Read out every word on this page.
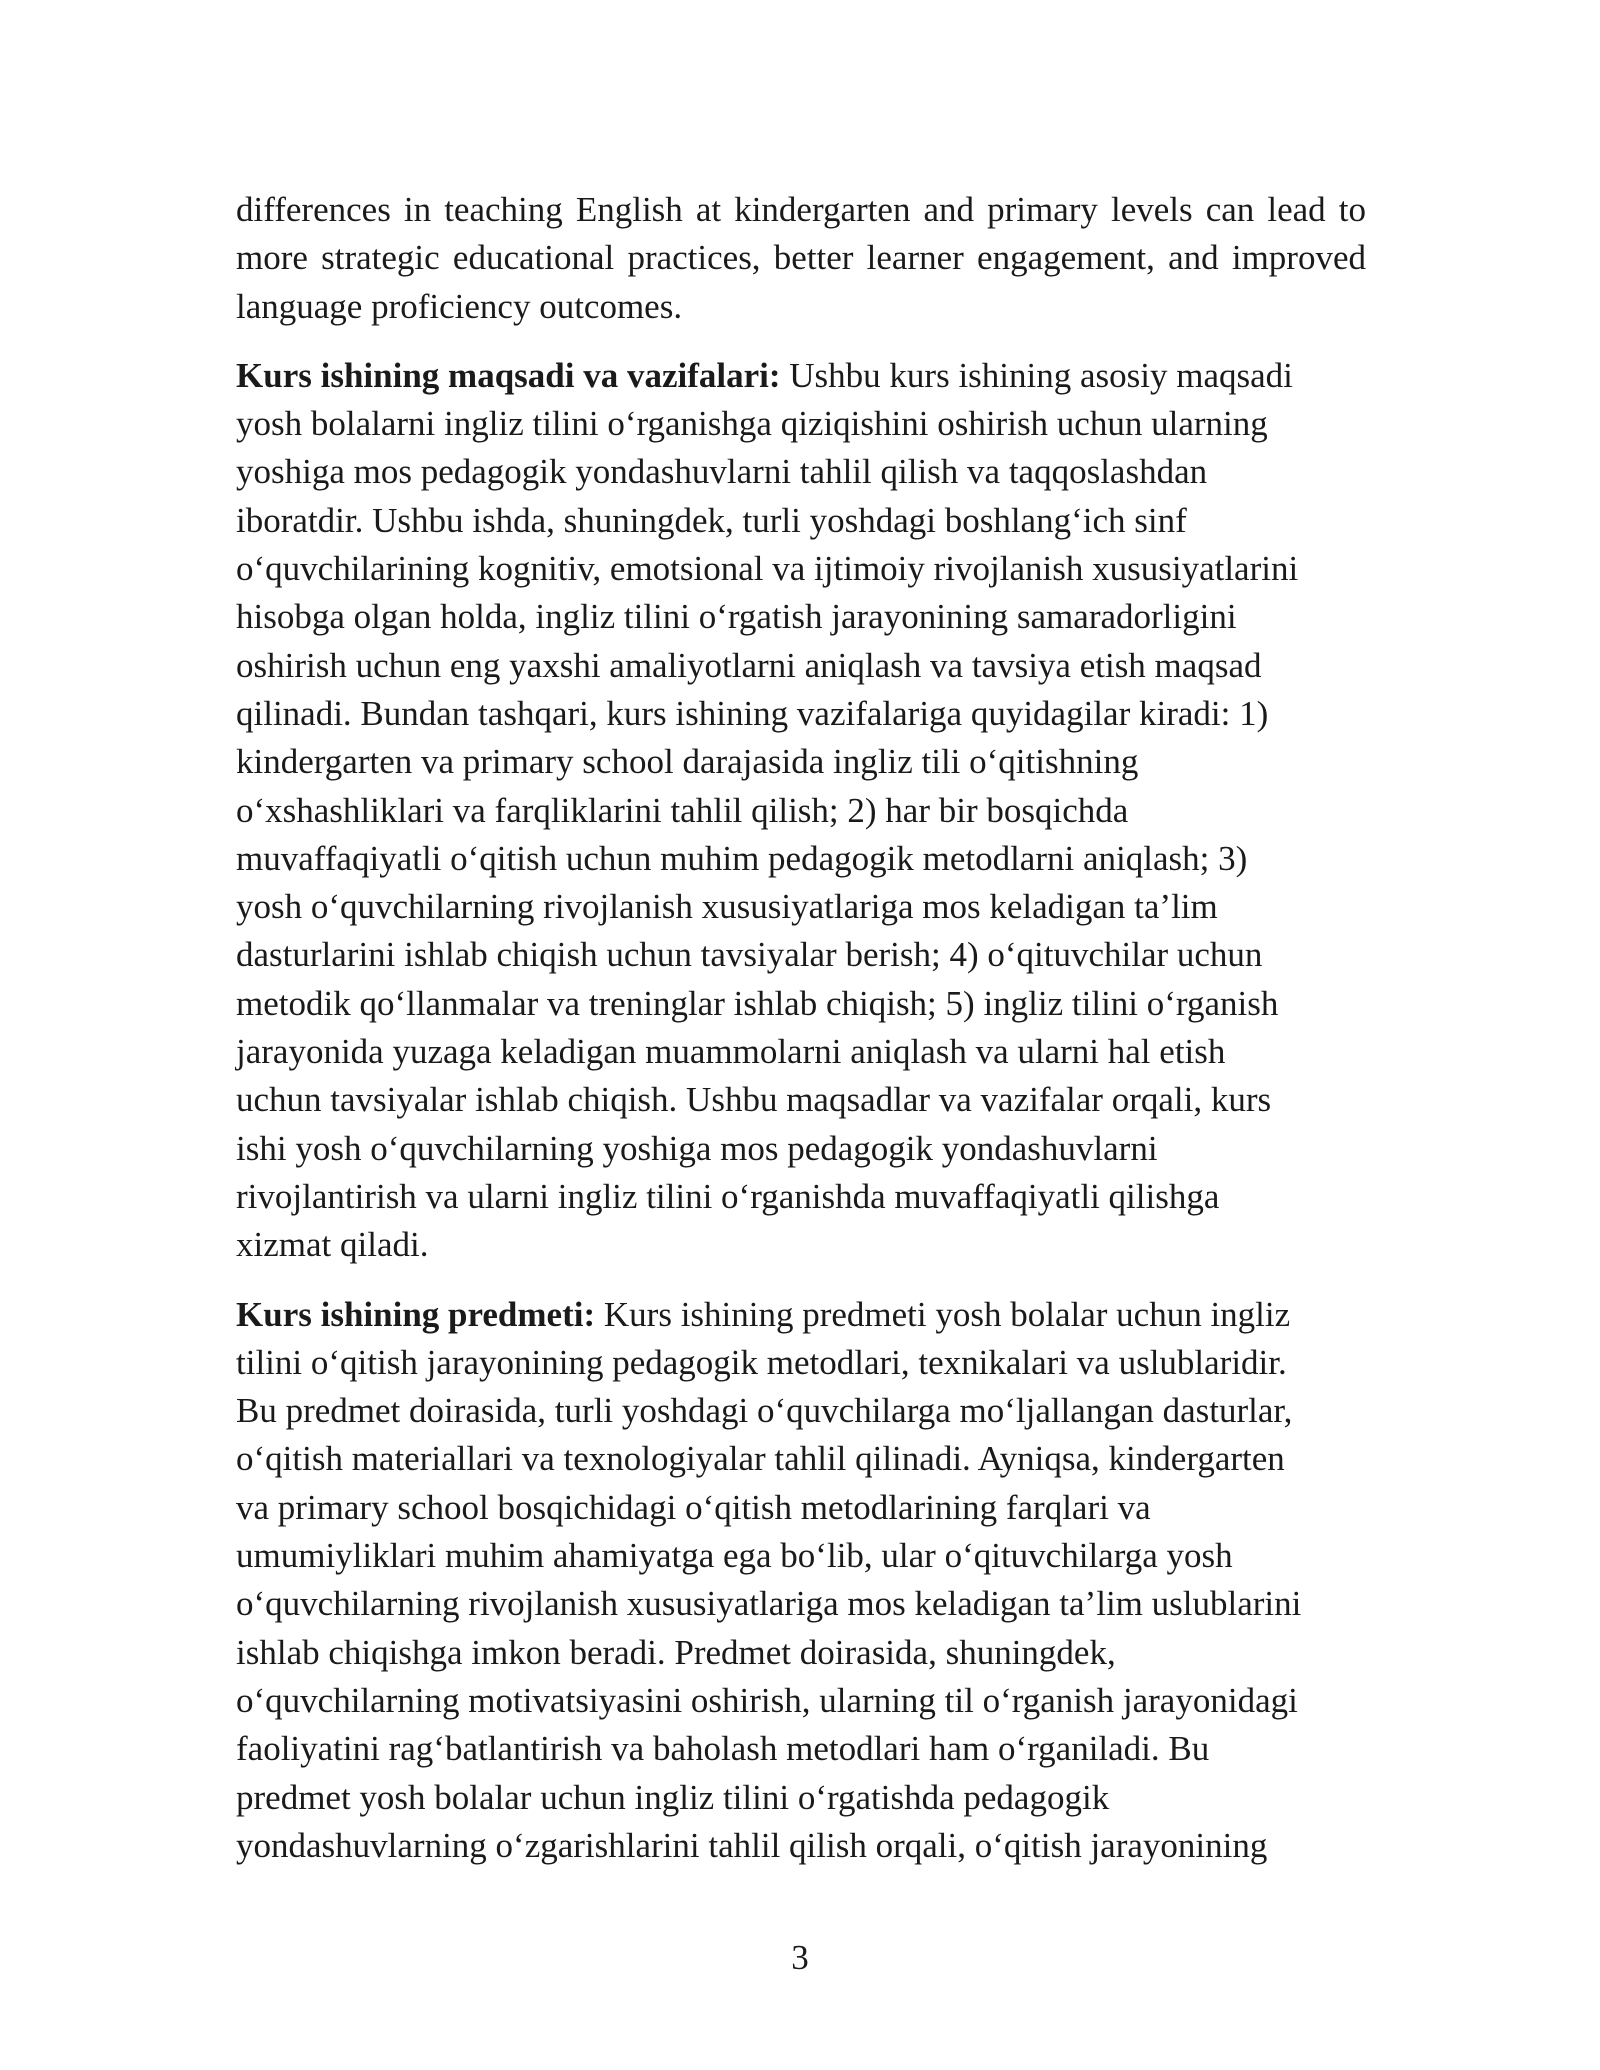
differences in teaching English at kindergarten and primary levels can lead to more strategic educational practices, better learner engagement, and improved language proficiency outcomes.

Kurs ishining maqsadi va vazifalari: Ushbu kurs ishining asosiy maqsadi
yosh bolalarni ingliz tilini o‘rganishga qiziqishini oshirish uchun ularning
yoshiga mos pedagogik yondashuvlarni tahlil qilish va taqqoslashdan
iboratdir. Ushbu ishda, shuningdek, turli yoshdagi boshlang‘ich sinf
o‘quvchilarining kognitiv, emotsional va ijtimoiy rivojlanish xususiyatlarini
hisobga olgan holda, ingliz tilini o‘rgatish jarayonining samaradorligini
oshirish uchun eng yaxshi amaliyotlarni aniqlash va tavsiya etish maqsad
qilinadi. Bundan tashqari, kurs ishining vazifalariga quyidagilar kiradi: 1)
kindergarten va primary school darajasida ingliz tili o‘qitishning
o‘xshashliklari va farqliklarini tahlil qilish; 2) har bir bosqichda
muvaffaqiyatli o‘qitish uchun muhim pedagogik metodlarni aniqlash; 3)
yosh o‘quvchilarning rivojlanish xususiyatlariga mos keladigan ta’lim
dasturlarini ishlab chiqish uchun tavsiyalar berish; 4) o‘qituvchilar uchun
metodik qo‘llanmalar va treninglar ishlab chiqish; 5) ingliz tilini o‘rganish
jarayonida yuzaga keladigan muammolarni aniqlash va ularni hal etish
uchun tavsiyalar ishlab chiqish. Ushbu maqsadlar va vazifalar orqali, kurs
ishi yosh o‘quvchilarning yoshiga mos pedagogik yondashuvlarni
rivojlantirish va ularni ingliz tilini o‘rganishda muvaffaqiyatli qilishga
xizmat qiladi.

Kurs ishining predmeti: Kurs ishining predmeti yosh bolalar uchun ingliz
tilini o‘qitish jarayonining pedagogik metodlari, texnikalari va uslublaridir.
Bu predmet doirasida, turli yoshdagi o‘quvchilarga mo‘ljallangan dasturlar,
o‘qitish materiallari va texnologiyalar tahlil qilinadi. Ayniqsa, kindergarten
va primary school bosqichidagi o‘qitish metodlarining farqlari va
umumiyliklari muhim ahamiyatga ega bo‘lib, ular o‘qituvchilarga yosh
o‘quvchilarning rivojlanish xususiyatlariga mos keladigan ta’lim uslublarini
ishlab chiqishga imkon beradi. Predmet doirasida, shuningdek,
o‘quvchilarning motivatsiyasini oshirish, ularning til o‘rganish jarayonidagi
faoliyatini rag‘batlantirish va baholash metodlari ham o‘rganiladi. Bu
predmet yosh bolalar uchun ingliz tilini o‘rgatishda pedagogik
yondashuvlarning o‘zgarishlarini tahlil qilish orqali, o‘qitish jarayonining

3
